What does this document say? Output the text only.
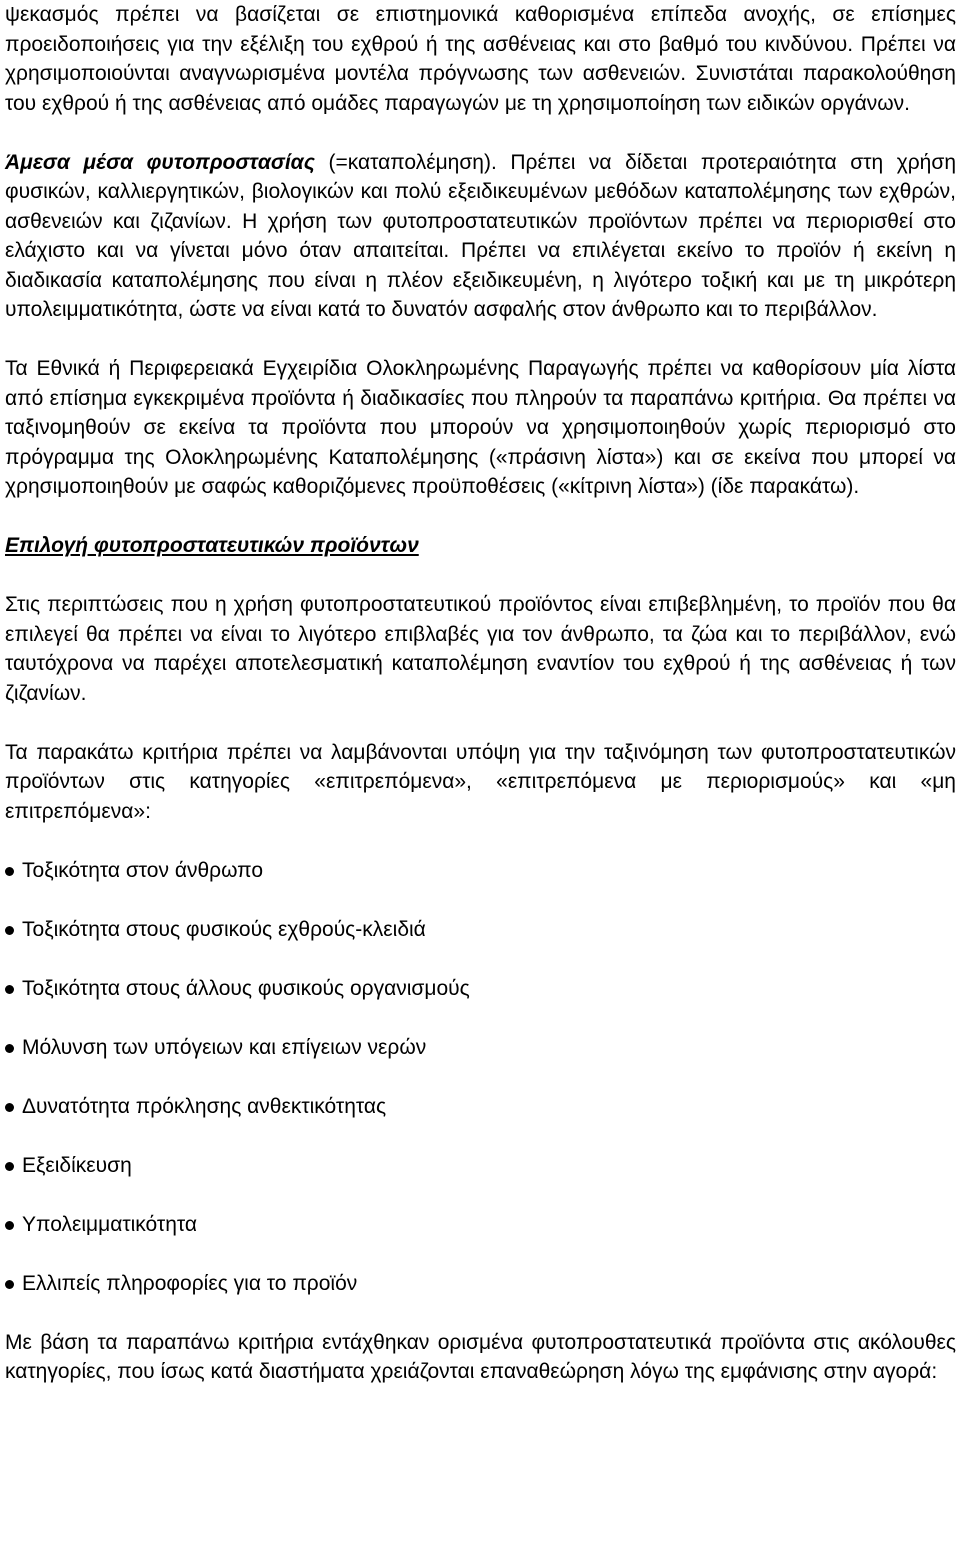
ψεκασμός πρέπει να βασίζεται σε επιστημονικά καθορισμένα επίπεδα ανοχής, σε επίσημες προειδοποιήσεις για την εξέλιξη του εχθρού ή της ασθένειας και στο βαθμό του κινδύνου. Πρέπει να χρησιμοποιούνται αναγνωρισμένα μοντέλα πρόγνωσης των ασθενειών. Συνιστάται παρακολούθηση του εχθρού ή της ασθένειας από ομάδες παραγωγών με τη χρησιμοποίηση των ειδικών οργάνων.

Άμεσα μέσα φυτοπροστασίας (=καταπολέμηση). Πρέπει να δίδεται προτεραιότητα στη χρήση φυσικών, καλλιεργητικών, βιολογικών και πολύ εξειδικευμένων μεθόδων καταπολέμησης των εχθρών, ασθενειών και ζιζανίων. Η χρήση των φυτοπροστατευτικών προϊόντων πρέπει να περιορισθεί στο ελάχιστο και να γίνεται μόνο όταν απαιτείται. Πρέπει να επιλέγεται εκείνο το προϊόν ή εκείνη η διαδικασία καταπολέμησης που είναι η πλέον εξειδικευμένη, η λιγότερο τοξική και με τη μικρότερη υπολειμματικότητα, ώστε να είναι κατά το δυνατόν ασφαλής στον άνθρωπο και το περιβάλλον.

Τα Εθνικά ή Περιφερειακά Εγχειρίδια Ολοκληρωμένης Παραγωγής πρέπει να καθορίσουν μία λίστα από επίσημα εγκεκριμένα προϊόντα ή διαδικασίες που πληρούν τα παραπάνω κριτήρια. Θα πρέπει να ταξινομηθούν σε εκείνα τα προϊόντα που μπορούν να χρησιμοποιηθούν χωρίς περιορισμό στο πρόγραμμα της Ολοκληρωμένης Καταπολέμησης («πράσινη λίστα») και σε εκείνα που μπορεί να χρησιμοποιηθούν με σαφώς καθοριζόμενες προϋποθέσεις («κίτρινη λίστα») (ίδε παρακάτω).

Επιλογή φυτοπροστατευτικών προϊόντων

Στις περιπτώσεις που η χρήση φυτοπροστατευτικού προϊόντος είναι επιβεβλημένη, το προϊόν που θα επιλεγεί θα πρέπει να είναι το λιγότερο επιβλαβές για τον άνθρωπο, τα ζώα και το περιβάλλον, ενώ ταυτόχρονα να παρέχει αποτελεσματική καταπολέμηση εναντίον του εχθρού ή της ασθένειας ή των ζιζανίων.

Τα παρακάτω κριτήρια πρέπει να λαμβάνονται υπόψη για την ταξινόμηση των φυτοπροστατευτικών προϊόντων στις κατηγορίες «επιτρεπόμενα», «επιτρεπόμενα με περιορισμούς» και «μη επιτρεπόμενα»:

Τοξικότητα στον άνθρωπο
Τοξικότητα στους φυσικούς εχθρούς-κλειδιά
Τοξικότητα στους άλλους φυσικούς οργανισμούς
Μόλυνση των υπόγειων και επίγειων νερών
Δυνατότητα πρόκλησης ανθεκτικότητας
Εξειδίκευση
Υπολειμματικότητα
Ελλιπείς πληροφορίες για το προϊόν

Με βάση τα παραπάνω κριτήρια εντάχθηκαν ορισμένα φυτοπροστατευτικά προϊόντα στις ακόλουθες κατηγορίες, που ίσως κατά διαστήματα χρειάζονται επαναθεώρηση λόγω της εμφάνισης στην αγορά:
